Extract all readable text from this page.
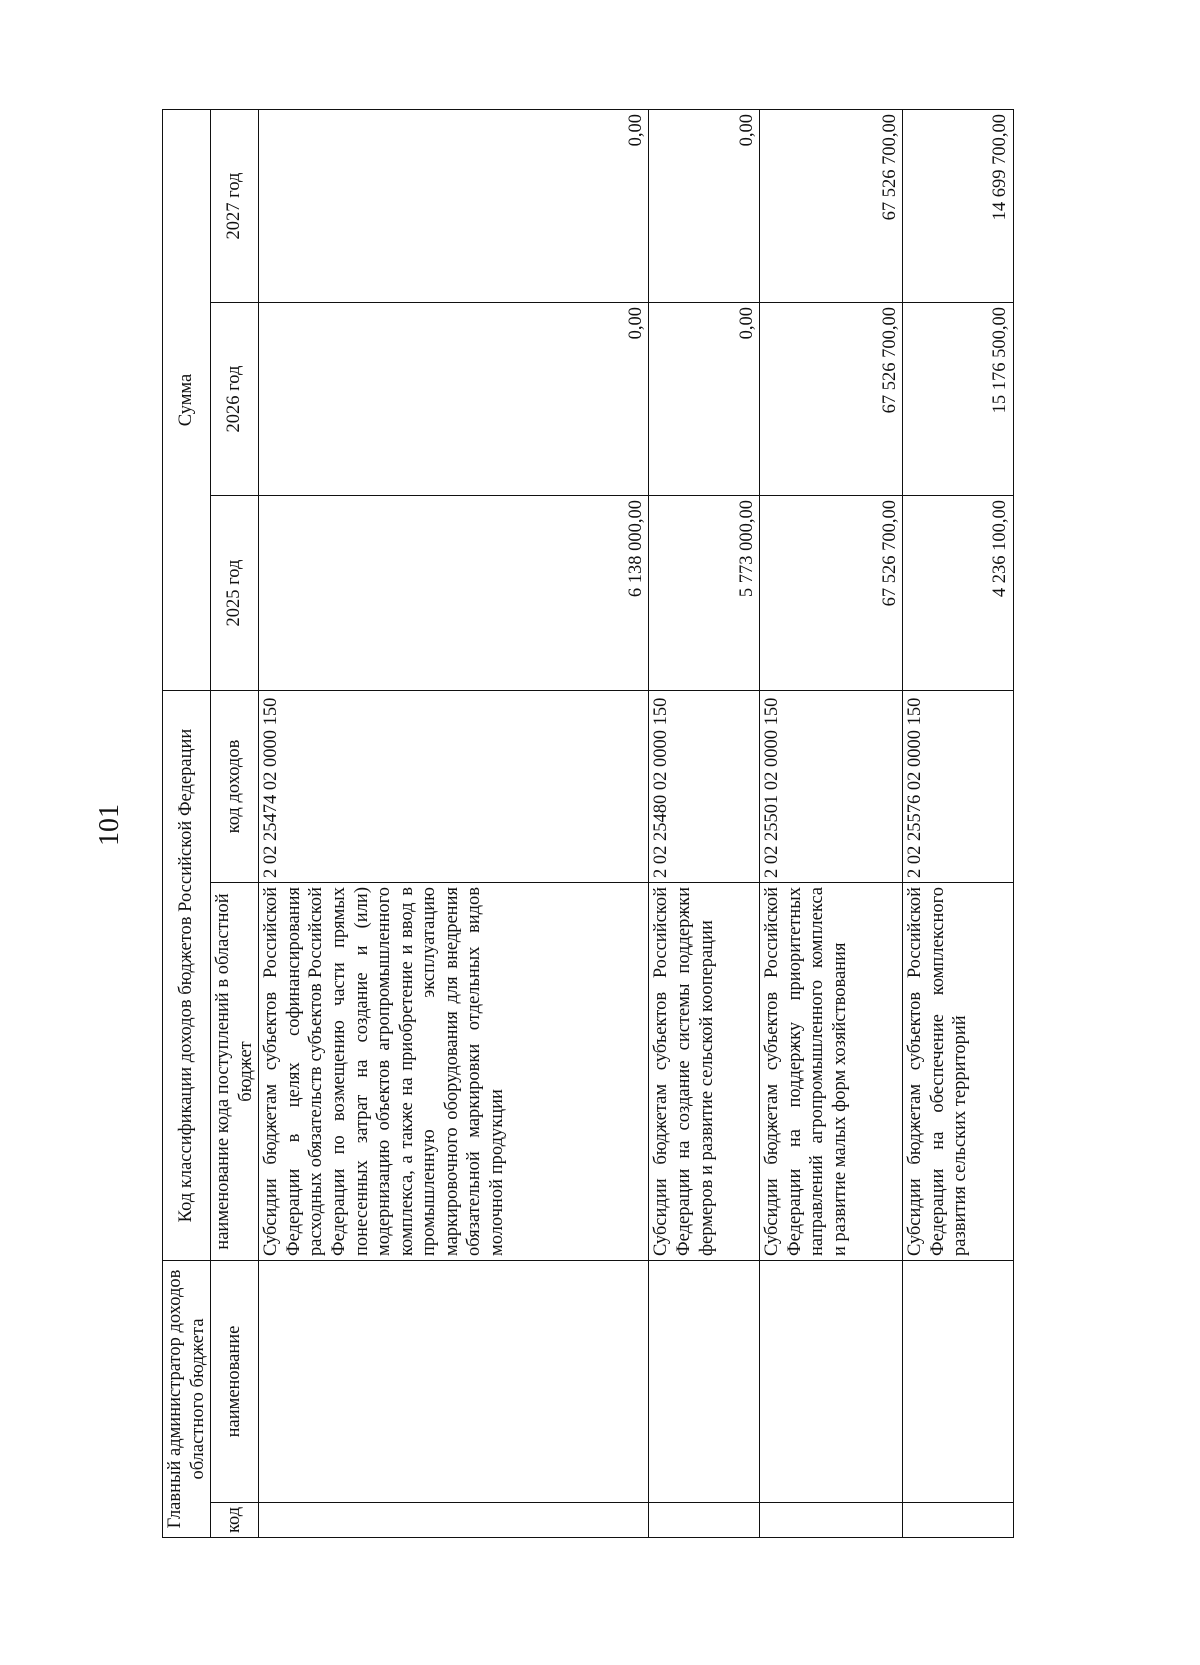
101
Главный администратор доходов областного бюджета		Код классификации доходов бюджетов Российской Федерации		Сумма		
код	наименование	наименование кода поступлений в областной бюджет	код доходов	2025 год	2026 год	2027 год
		Субсидии бюджетам субъектов Российской Федерации в целях софинансирования расходных обязательств субъектов Российской Федерации по возмещению части прямых понесенных затрат на создание и (или) модернизацию объектов агропромышленного комплекса, а также на приобретение и ввод в промышленную эксплуатацию маркировочного оборудования для внедрения обязательной маркировки отдельных видов молочной продукции	2 02 25474 02 0000 150	6 138 000,00	0,00	0,00
		Субсидии бюджетам субъектов Российской Федерации на создание системы поддержки фермеров и развитие сельской кооперации	2 02 25480 02 0000 150	5 773 000,00	0,00	0,00
		Субсидии бюджетам субъектов Российской Федерации на поддержку приоритетных направлений агропромышленного комплекса и развитие малых форм хозяйствования	2 02 25501 02 0000 150	67 526 700,00	67 526 700,00	67 526 700,00
		Субсидии бюджетам субъектов Российской Федерации на обеспечение комплексного развития сельских территорий	2 02 25576 02 0000 150	4 236 100,00	15 176 500,00	14 699 700,00
